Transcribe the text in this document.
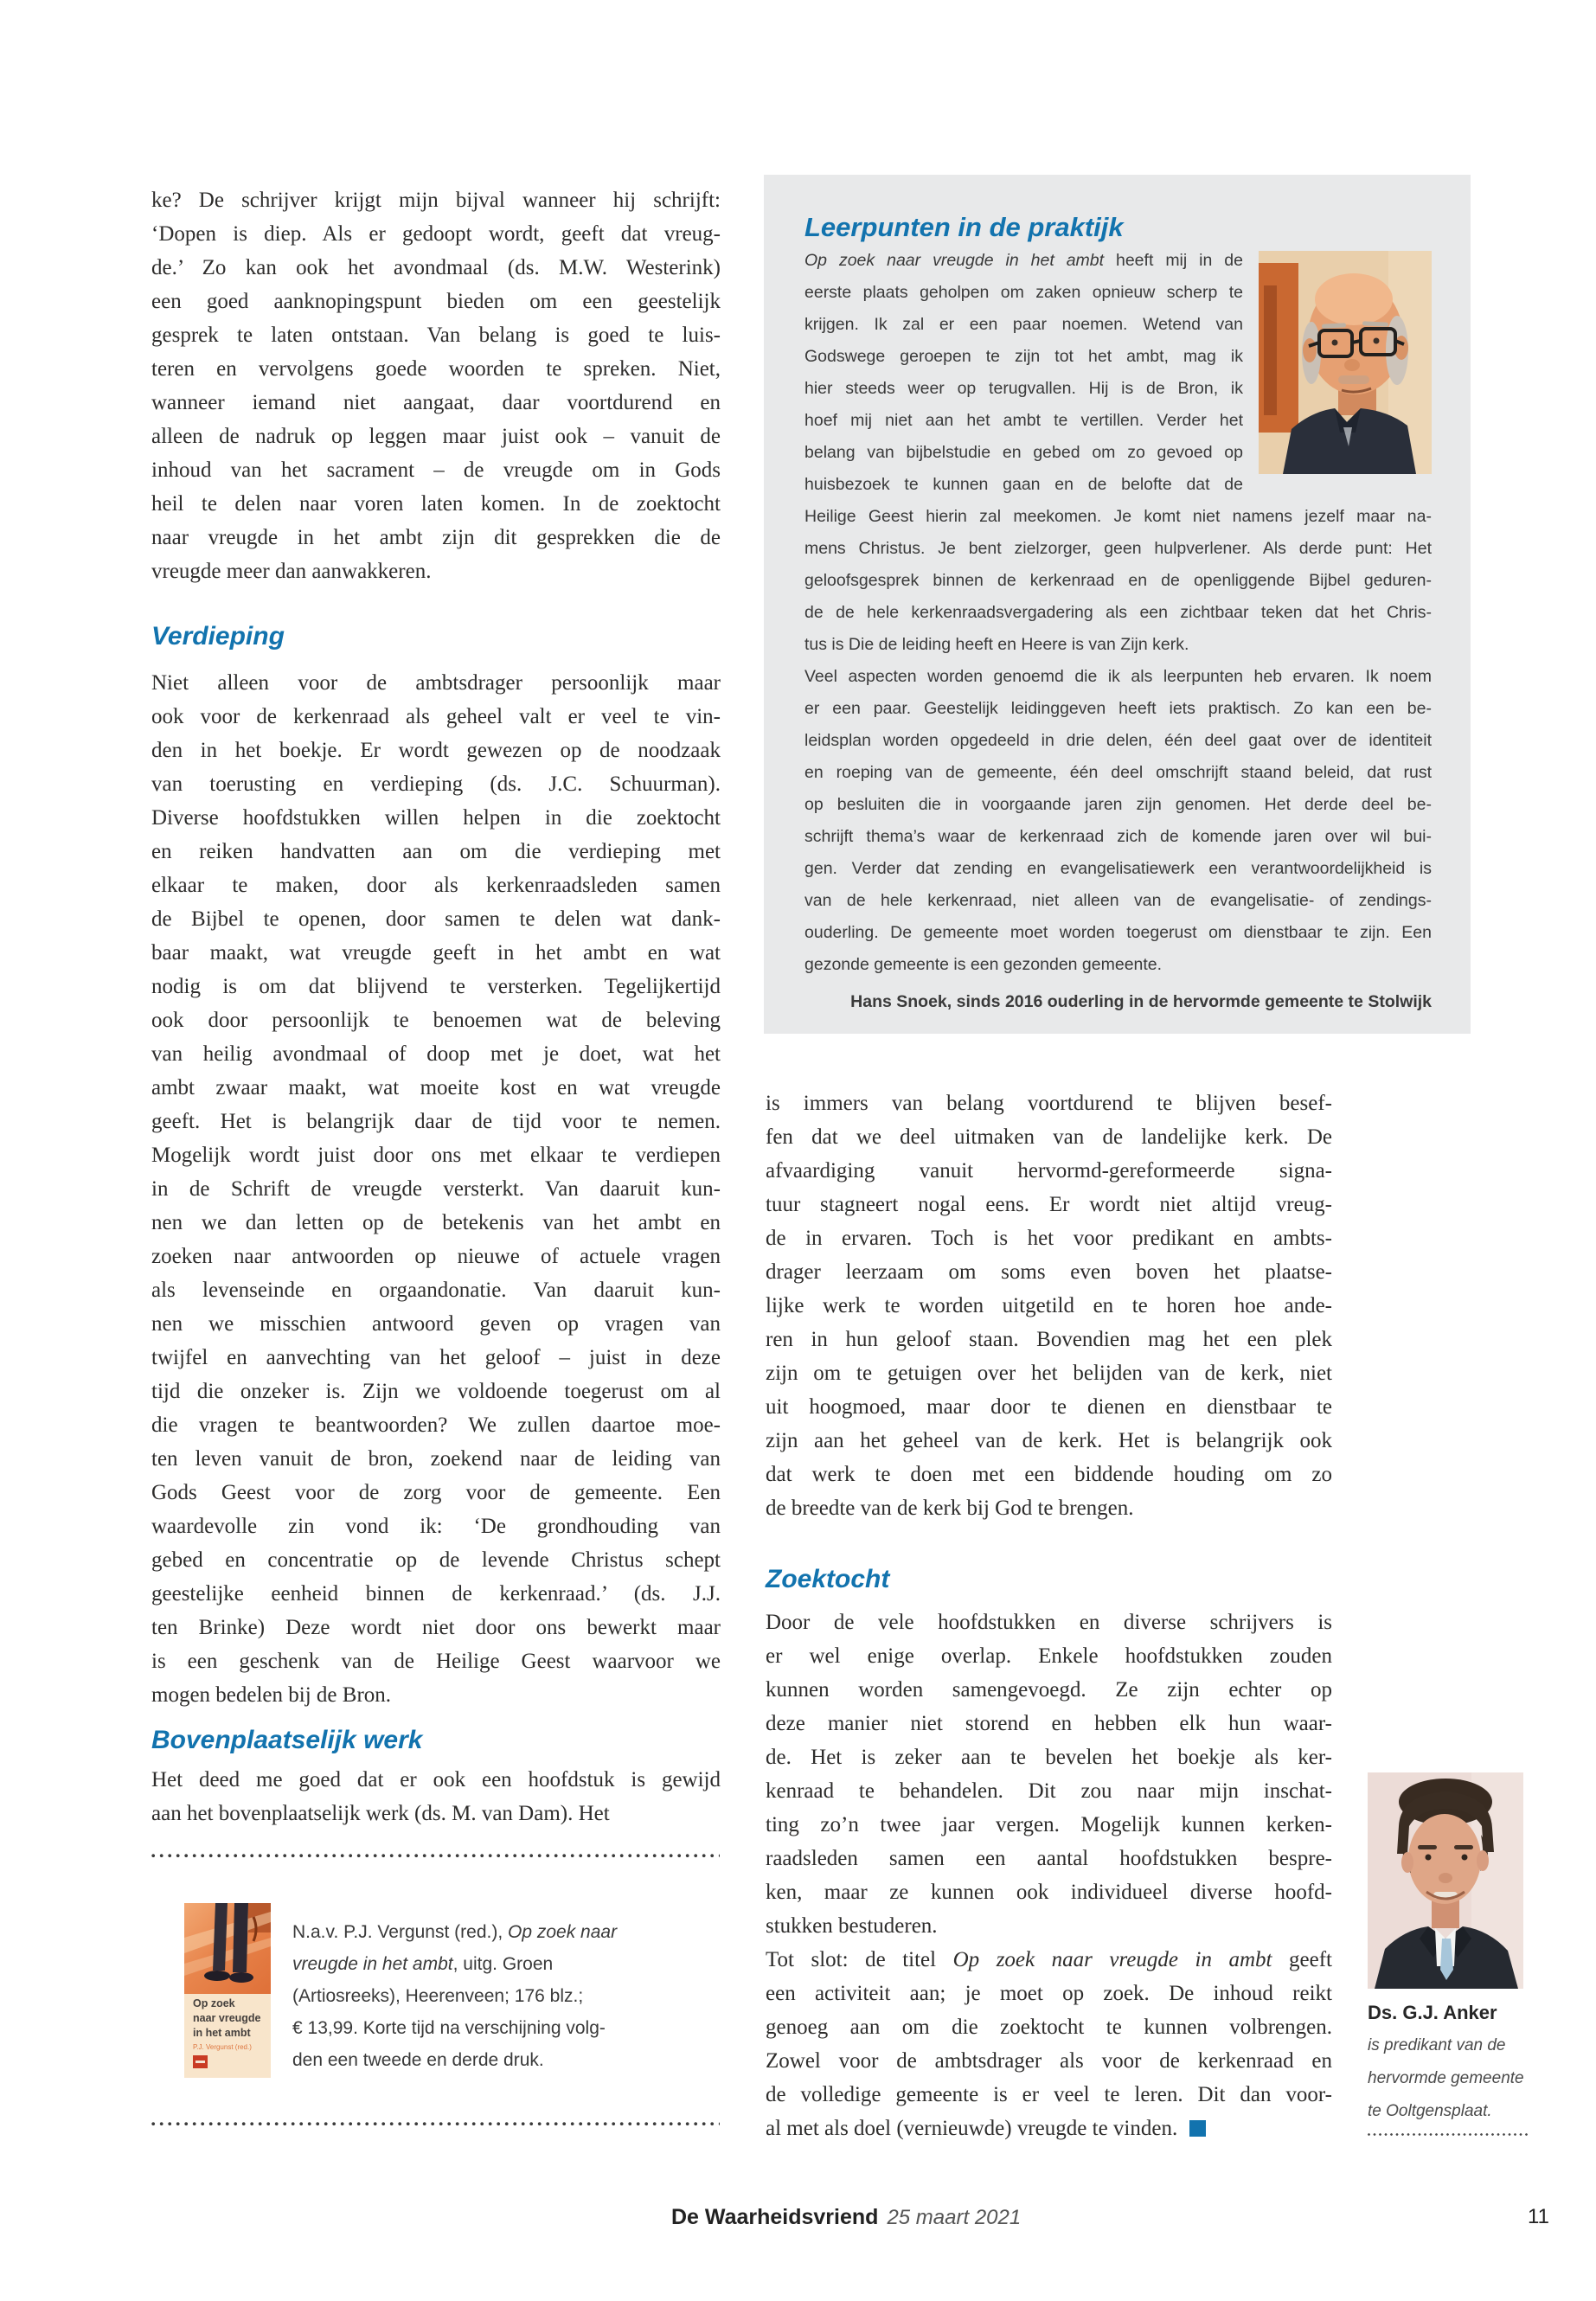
ke? De schrijver krijgt mijn bijval wanneer hij schrijft:
‘Dopen is diep. Als er gedoopt wordt, geeft dat vreug-
de.’ Zo kan ook het avondmaal (ds. M.W. Westerink)
een goed aanknopingspunt bieden om een geestelijk
gesprek te laten ontstaan. Van belang is goed te luis-
teren en vervolgens goede woorden te spreken. Niet,
wanneer iemand niet aangaat, daar voortdurend en
alleen de nadruk op leggen maar juist ook – vanuit de
inhoud van het sacrament – de vreugde om in Gods
heil te delen naar voren laten komen. In de zoektocht
naar vreugde in het ambt zijn dit gesprekken die de
vreugde meer dan aanwakkeren.
Verdieping
Niet alleen voor de ambtsdrager persoonlijk maar
ook voor de kerkenraad als geheel valt er veel te vin-
den in het boekje. Er wordt gewezen op de noodzaak
van toerusting en verdieping (ds. J.C. Schuurman).
Diverse hoofdstukken willen helpen in die zoektocht
en reiken handvatten aan om die verdieping met
elkaar te maken, door als kerkenraadsleden samen
de Bijbel te openen, door samen te delen wat dank-
baar maakt, wat vreugde geeft in het ambt en wat
nodig is om dat blijvend te versterken. Tegelijkertijd
ook door persoonlijk te benoemen wat de beleving
van heilig avondmaal of doop met je doet, wat het
ambt zwaar maakt, wat moeite kost en wat vreugde
geeft. Het is belangrijk daar de tijd voor te nemen.
Mogelijk wordt juist door ons met elkaar te verdiepen
in de Schrift de vreugde versterkt. Van daaruit kun-
nen we dan letten op de betekenis van het ambt en
zoeken naar antwoorden op nieuwe of actuele vragen
als levenseinde en orgaandonatie. Van daaruit kun-
nen we misschien antwoord geven op vragen van
twijfel en aanvechting van het geloof – juist in deze
tijd die onzeker is. Zijn we voldoende toegerust om al
die vragen te beantwoorden? We zullen daartoe moe-
ten leven vanuit de bron, zoekend naar de leiding van
Gods Geest voor de zorg voor de gemeente. Een
waardevolle zin vond ik: ‘De grondhouding van
gebed en concentratie op de levende Christus schept
geestelijke eenheid binnen de kerkenraad.’ (ds. J.J.
ten Brinke) Deze wordt niet door ons bewerkt maar
is een geschenk van de Heilige Geest waarvoor we
mogen bedelen bij de Bron.
Bovenplaatselijk werk
Het deed me goed dat er ook een hoofdstuk is gewijd
aan het bovenplaatselijk werk (ds. M. van Dam). Het
Op zoek
naar vreugde
in het ambt
P.J. Vergunst (red.)
N.a.v. P.J. Vergunst (red.), Op zoek naar
vreugde in het ambt, uitg. Groen
(Artiosreeks), Heerenveen; 176 blz.;
€ 13,99. Korte tijd na verschijning volg-
den een tweede en derde druk.
Leerpunten in de praktijk
Op zoek naar vreugde in het ambt heeft mij in de
eerste plaats geholpen om zaken opnieuw scherp te
krijgen. Ik zal er een paar noemen. Wetend van
Godswege geroepen te zijn tot het ambt, mag ik
hier steeds weer op terugvallen. Hij is de Bron, ik
hoef mij niet aan het ambt te vertillen. Verder het
belang van bijbelstudie en gebed om zo gevoed op
huisbezoek te kunnen gaan en de belofte dat de
Heilige Geest hierin zal meekomen. Je komt niet namens jezelf maar na-
mens Christus. Je bent zielzorger, geen hulpverlener. Als derde punt: Het
geloofsgesprek binnen de kerkenraad en de openliggende Bijbel geduren-
de de hele kerkenraadsvergadering als een zichtbaar teken dat het Chris-
tus is Die de leiding heeft en Heere is van Zijn kerk.
Veel aspecten worden genoemd die ik als leerpunten heb ervaren. Ik noem
er een paar. Geestelijk leidinggeven heeft iets praktisch. Zo kan een be-
leidsplan worden opgedeeld in drie delen, één deel gaat over de identiteit
en roeping van de gemeente, één deel omschrijft staand beleid, dat rust
op besluiten die in voorgaande jaren zijn genomen. Het derde deel be-
schrijft thema’s waar de kerkenraad zich de komende jaren over wil bui-
gen. Verder dat zending en evangelisatiewerk een verantwoordelijkheid is
van de hele kerkenraad, niet alleen van de evangelisatie- of zendings-
ouderling. De gemeente moet worden toegerust om dienstbaar te zijn. Een
gezonde gemeente is een gezonden gemeente.
Hans Snoek, sinds 2016 ouderling in de hervormde gemeente te Stolwijk
is immers van belang voortdurend te blijven besef-
fen dat we deel uitmaken van de landelijke kerk. De
afvaardiging vanuit hervormd-gereformeerde signa-
tuur stagneert nogal eens. Er wordt niet altijd vreug-
de in ervaren. Toch is het voor predikant en ambts-
drager leerzaam om soms even boven het plaatse-
lijke werk te worden uitgetild en te horen hoe ande-
ren in hun geloof staan. Bovendien mag het een plek
zijn om te getuigen over het belijden van de kerk, niet
uit hoogmoed, maar door te dienen en dienstbaar te
zijn aan het geheel van de kerk. Het is belangrijk ook
dat werk te doen met een biddende houding om zo
de breedte van de kerk bij God te brengen.
Zoektocht
Door de vele hoofdstukken en diverse schrijvers is
er wel enige overlap. Enkele hoofdstukken zouden
kunnen worden samengevoegd. Ze zijn echter op
deze manier niet storend en hebben elk hun waar-
de. Het is zeker aan te bevelen het boekje als ker-
kenraad te behandelen. Dit zou naar mijn inschat-
ting zo’n twee jaar vergen. Mogelijk kunnen kerken-
raadsleden samen een aantal hoofdstukken bespre-
ken, maar ze kunnen ook individueel diverse hoofd-
stukken bestuderen.
Tot slot: de titel Op zoek naar vreugde in ambt geeft
een activiteit aan; je moet op zoek. De inhoud reikt
genoeg aan om die zoektocht te kunnen volbrengen.
Zowel voor de ambtsdrager als voor de kerkenraad en
de volledige gemeente is er veel te leren. Dit dan voor-
al met als doel (vernieuwde) vreugde te vinden.
Ds. G.J. Anker
is predikant van de
hervormde gemeente
te Ooltgensplaat.
De Waarheidsvriend 25 maart 2021	11
